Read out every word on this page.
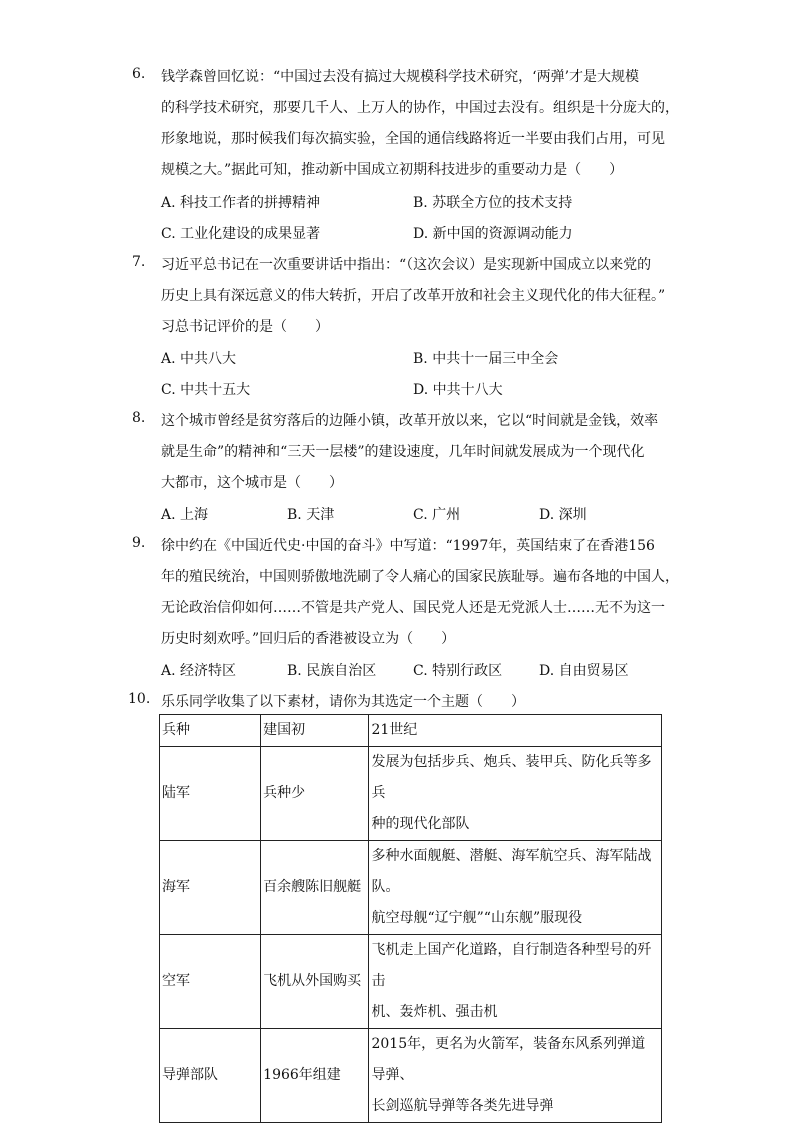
6. 钱学森曾回忆说：“中国过去没有搞过大规模科学技术研究，‘两弹’才是大规模
的科学技术研究，那要几千人、上万人的协作，中国过去没有。组织是十分庞大的，
形象地说，那时候我们每次搞实验，全国的通信线路将近一半要由我们占用，可见
规模之大。”据此可知，推动新中国成立初期科技进步的重要动力是（　　）
A. 科技工作者的拼搏精神	B. 苏联全方位的技术支持
C. 工业化建设的成果显著	D. 新中国的资源调动能力
7. 习近平总书记在一次重要讲话中指出：“（这次会议）是实现新中国成立以来党的
历史上具有深远意义的伟大转折，开启了改革开放和社会主义现代化的伟大征程。”
习总书记评价的是（　　）
A. 中共八大	B. 中共十一届三中全会
C. 中共十五大	D. 中共十八大
8. 这个城市曾经是贫穷落后的边陲小镇，改革开放以来，它以“时间就是金钱，效率
就是生命”的精神和“三天一层楼”的建设速度，几年时间就发展成为一个现代化
大都市，这个城市是（　　）
A. 上海	B. 天津	C. 广州	D. 深圳
9. 徐中约在《中国近代史·中国的奋斗》中写道：“1997年，英国结束了在香港156
年的殖民统治，中国则骄傲地洗刷了令人痛心的国家民族耻辱。遍布各地的中国人，
无论政治信仰如何……不管是共产党人、国民党人还是无党派人士……无不为这一
历史时刻欢呼。”回归后的香港被设立为（　　）
A. 经济特区	B. 民族自治区	C. 特别行政区	D. 自由贸易区
10. 乐乐同学收集了以下素材，请你为其选定一个主题（　　）
兵种	建国初	21世纪
陆军	兵种少	发展为包括步兵、炮兵、装甲兵、防化兵等多兵
种的现代化部队

海军	百余艘陈旧舰艇	多种水面舰艇、潜艇、海军航空兵、海军陆战队。
航空母舰“辽宁舰”“山东舰”服现役

空军	飞机从外国购买	飞机走上国产化道路，自行制造各种型号的歼击
机、轰炸机、强击机

导弹部队	1966年组建	2015年，更名为火箭军，装备东风系列弹道导弹、
长剑巡航导弹等各类先进导弹
